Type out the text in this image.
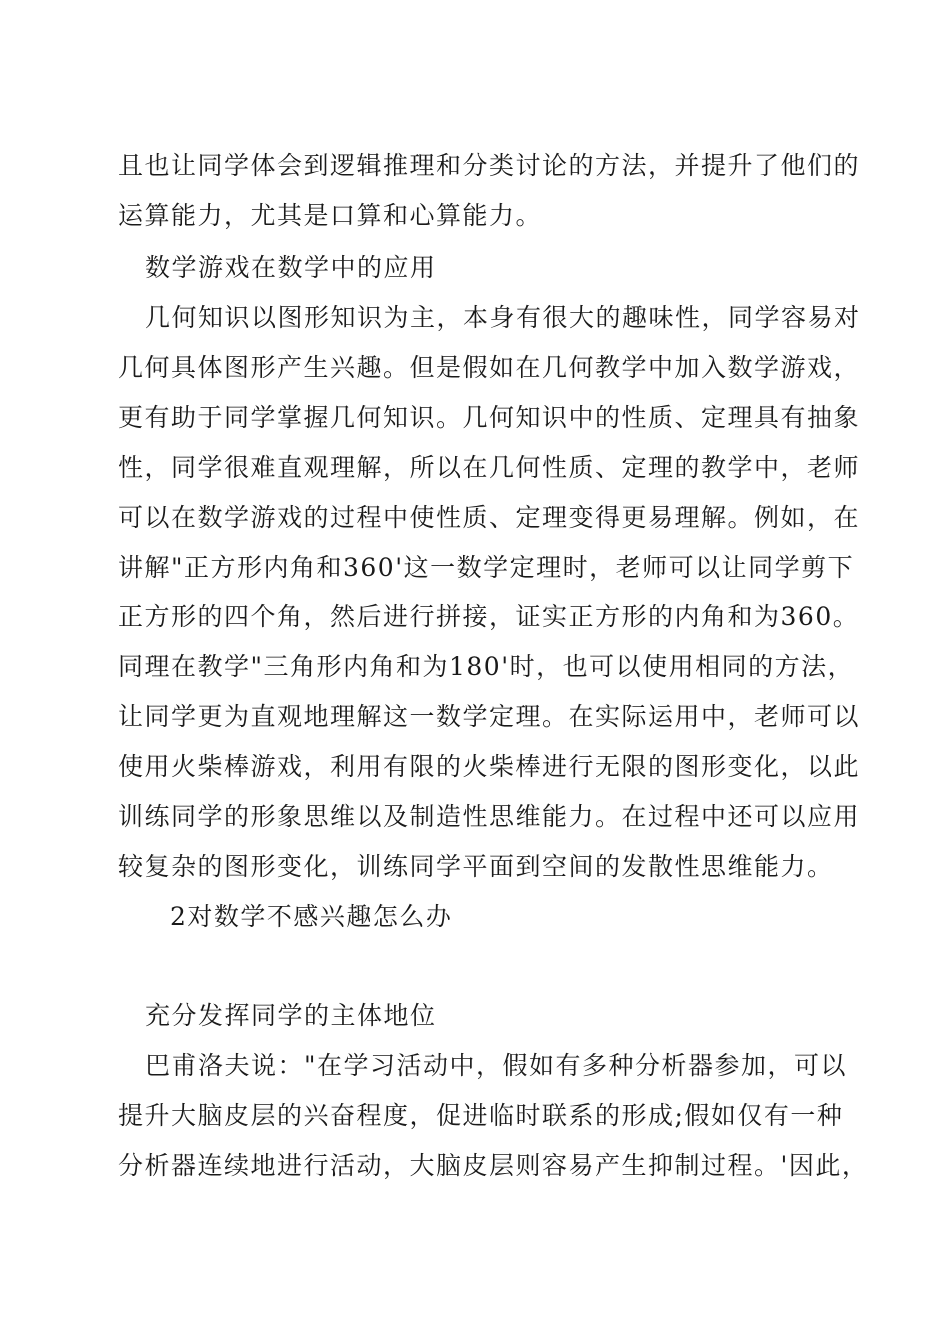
且也让同学体会到逻辑推理和分类讨论的方法，并提升了他们的
运算能力，尤其是口算和心算能力。
数学游戏在数学中的应用
几何知识以图形知识为主，本身有很大的趣味性，同学容易对
几何具体图形产生兴趣。但是假如在几何教学中加入数学游戏，
更有助于同学掌握几何知识。几何知识中的性质、定理具有抽象
性，同学很难直观理解，所以在几何性质、定理的教学中，老师
可以在数学游戏的过程中使性质、定理变得更易理解。例如，在
讲解"正方形内角和360'这一数学定理时，老师可以让同学剪下
正方形的四个角，然后进行拼接，证实正方形的内角和为360。
同理在教学"三角形内角和为180'时，也可以使用相同的方法，
让同学更为直观地理解这一数学定理。在实际运用中，老师可以
使用火柴棒游戏，利用有限的火柴棒进行无限的图形变化，以此
训练同学的形象思维以及制造性思维能力。在过程中还可以应用
较复杂的图形变化，训练同学平面到空间的发散性思维能力。
2对数学不感兴趣怎么办
充分发挥同学的主体地位
巴甫洛夫说："在学习活动中，假如有多种分析器参加，可以
提升大脑皮层的兴奋程度，促进临时联系的形成;假如仅有一种
分析器连续地进行活动，大脑皮层则容易产生抑制过程。'因此，
